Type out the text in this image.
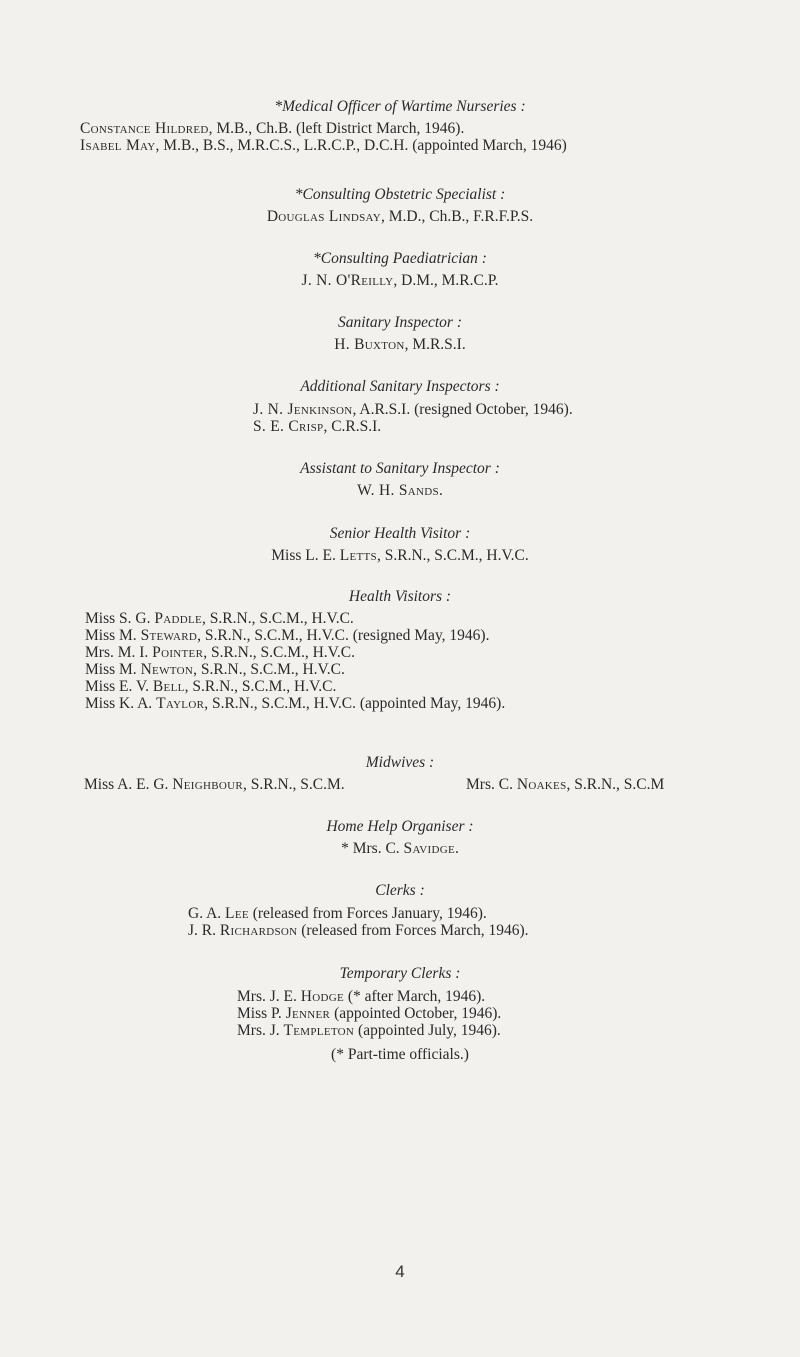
*Medical Officer of Wartime Nurseries :

Constance Hildred, M.B., Ch.B. (left District March, 1946).

Isabel May, M.B., B.S., M.R.C.S., L.R.C.P., D.C.H. (appointed March, 1946)

*Consulting Obstetric Specialist :

Douglas Lindsay, M.D., Ch.B., F.R.F.P.S.

*Consulting Paediatrician :

J. N. O'Reilly, D.M., M.R.C.P.

Sanitary Inspector :

H. Buxton, M.R.S.I.

Additional Sanitary Inspectors :

J. N. Jenkinson, A.R.S.I. (resigned October, 1946).

S. E. Crisp, C.R.S.I.

Assistant to Sanitary Inspector :

W. H. Sands.

Senior Health Visitor :

Miss L. E. Letts, S.R.N., S.C.M., H.V.C.

Health Visitors :

Miss S. G. Paddle, S.R.N., S.C.M., H.V.C.

Miss M. Steward, S.R.N., S.C.M., H.V.C. (resigned May, 1946).

Mrs. M. I. Pointer, S.R.N., S.C.M., H.V.C.

Miss M. Newton, S.R.N., S.C.M., H.V.C.

Miss E. V. Bell, S.R.N., S.C.M., H.V.C.

Miss K. A. Taylor, S.R.N., S.C.M., H.V.C. (appointed May, 1946).

Midwives :

Miss A. E. G. Neighbour, S.R.N., S.C.M.	Mrs. C. Noakes, S.R.N., S.C.M

Home Help Organiser :

* Mrs. C. Savidge.

Clerks :

G. A. Lee (released from Forces January, 1946).

J. R. Richardson (released from Forces March, 1946).

Temporary Clerks :

Mrs. J. E. Hodge (* after March, 1946).

Miss P. Jenner (appointed October, 1946).

Mrs. J. Templeton (appointed July, 1946).

(* Part-time officials.)

4
